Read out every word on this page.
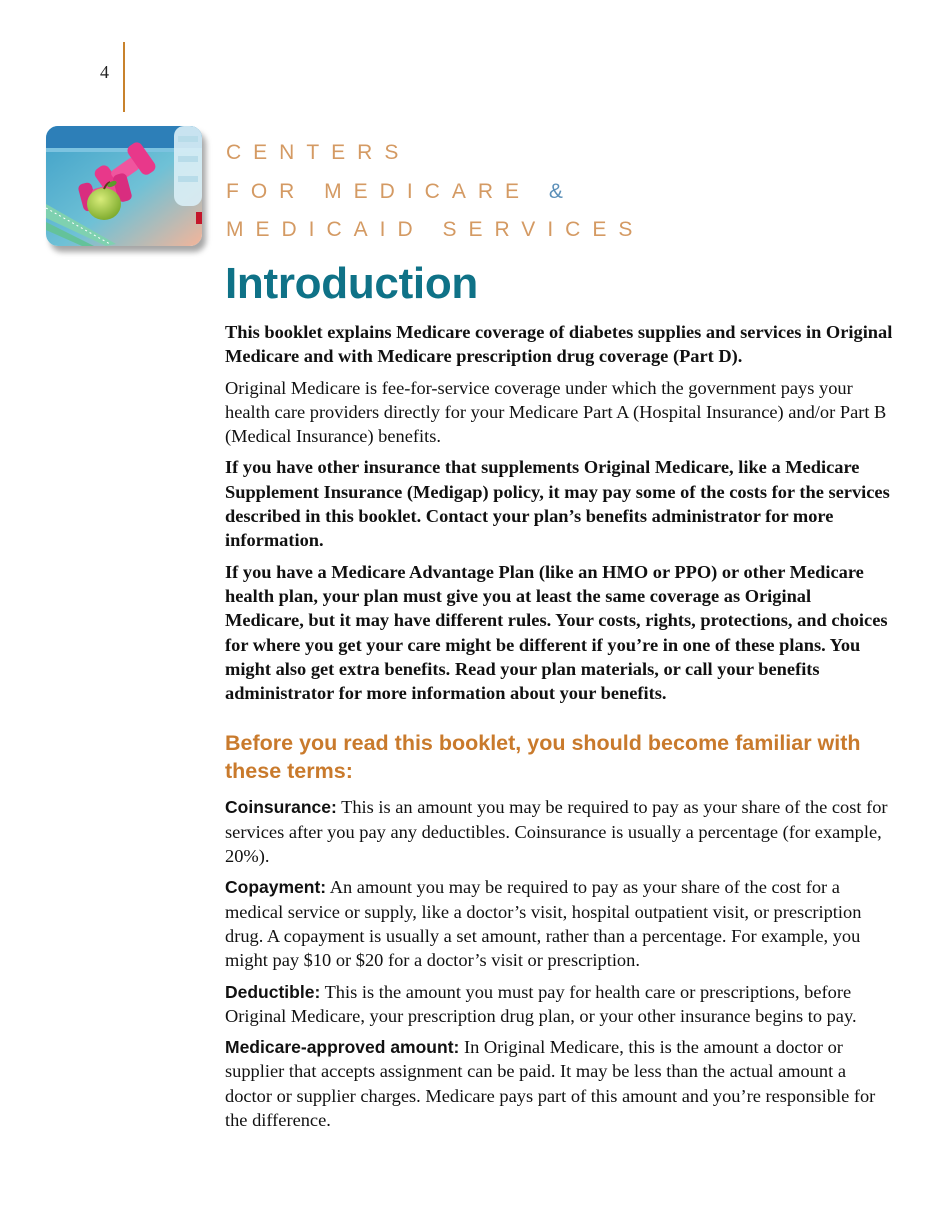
4
CENTERS
FOR MEDICARE &
MEDICAID SERVICES
Introduction

This booklet explains Medicare coverage of diabetes supplies and services in Original Medicare and with Medicare prescription drug coverage (Part D).

Original Medicare is fee-for-service coverage under which the government pays your health care providers directly for your Medicare Part A (Hospital Insurance) and/or Part B (Medical Insurance) benefits.

If you have other insurance that supplements Original Medicare, like a Medicare Supplement Insurance (Medigap) policy, it may pay some of the costs for the services described in this booklet. Contact your plan’s benefits administrator for more information.

If you have a Medicare Advantage Plan (like an HMO or PPO) or other Medicare health plan, your plan must give you at least the same coverage as Original Medicare, but it may have different rules. Your costs, rights, protections, and choices for where you get your care might be different if you’re in one of these plans. You might also get extra benefits. Read your plan materials, or call your benefits administrator for more information about your benefits.

Before you read this booklet, you should become familiar with these terms:

Coinsurance: This is an amount you may be required to pay as your share of the cost for services after you pay any deductibles. Coinsurance is usually a percentage (for example, 20%).

Copayment: An amount you may be required to pay as your share of the cost for a medical service or supply, like a doctor’s visit, hospital outpatient visit, or prescription drug. A copayment is usually a set amount, rather than a percentage. For example, you might pay $10 or $20 for a doctor’s visit or prescription.

Deductible: This is the amount you must pay for health care or prescriptions, before Original Medicare, your prescription drug plan, or your other insurance begins to pay.

Medicare-approved amount: In Original Medicare, this is the amount a doctor or supplier that accepts assignment can be paid. It may be less than the actual amount a doctor or supplier charges. Medicare pays part of this amount and you’re responsible for the difference.
